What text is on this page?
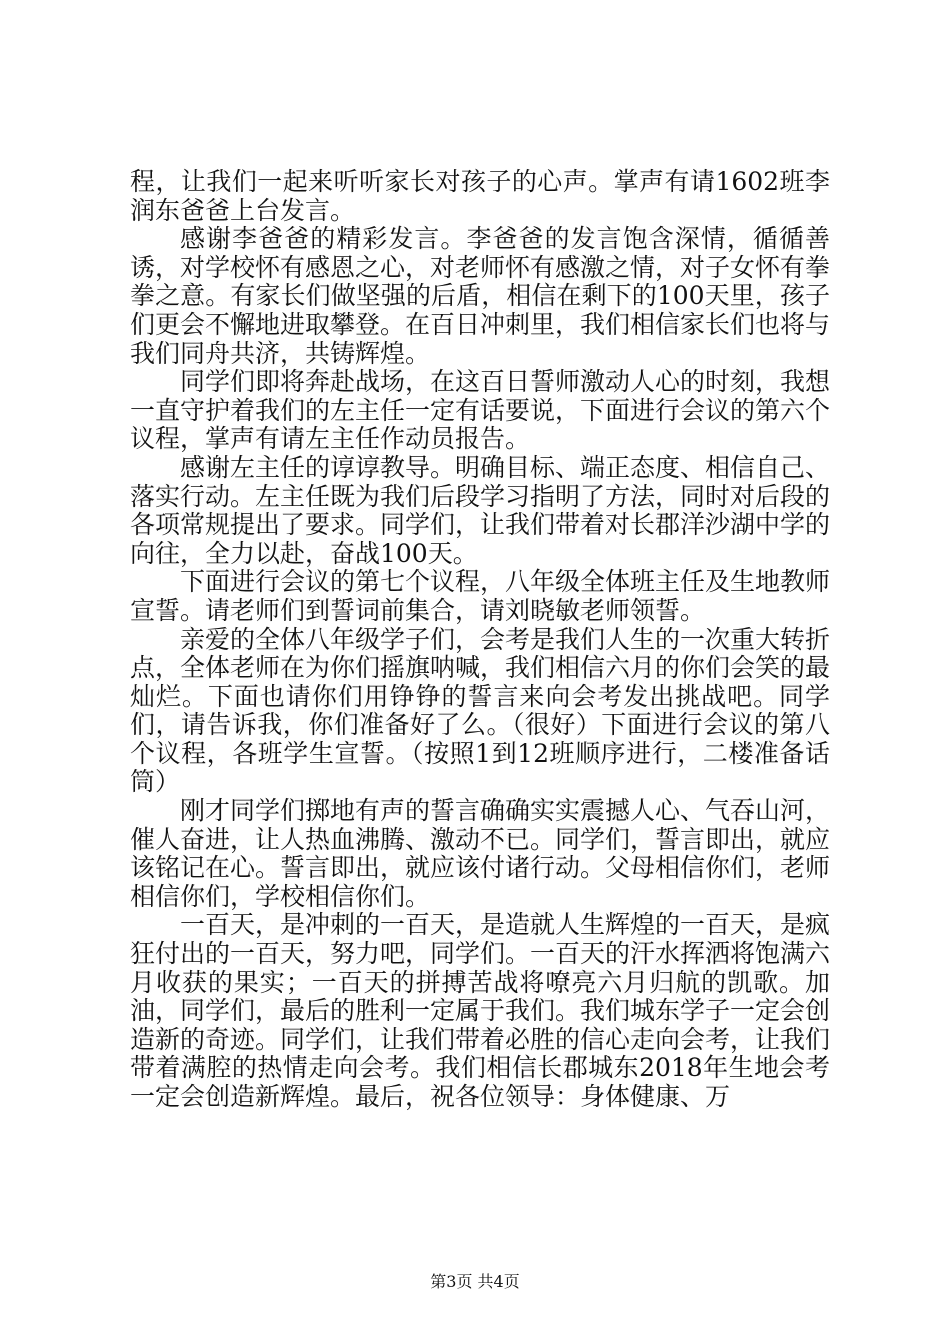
程，让我们一起来听听家长对孩子的心声。掌声有请1602班李润东爸爸上台发言。

感谢李爸爸的精彩发言。李爸爸的发言饱含深情，循循善诱，对学校怀有感恩之心，对老师怀有感激之情，对子女怀有拳拳之意。有家长们做坚强的后盾，相信在剩下的100天里，孩子们更会不懈地进取攀登。在百日冲刺里，我们相信家长们也将与我们同舟共济，共铸辉煌。

同学们即将奔赴战场，在这百日誓师激动人心的时刻，我想一直守护着我们的左主任一定有话要说，下面进行会议的第六个议程，掌声有请左主任作动员报告。

感谢左主任的谆谆教导。明确目标、端正态度、相信自己、落实行动。左主任既为我们后段学习指明了方法，同时对后段的各项常规提出了要求。同学们，让我们带着对长郡洋沙湖中学的向往，全力以赴，奋战100天。

下面进行会议的第七个议程，八年级全体班主任及生地教师宣誓。请老师们到誓词前集合，请刘晓敏老师领誓。

亲爱的全体八年级学子们，会考是我们人生的一次重大转折点，全体老师在为你们摇旗呐喊，我们相信六月的你们会笑的最灿烂。下面也请你们用铮铮的誓言来向会考发出挑战吧。同学们，请告诉我，你们准备好了么。（很好）下面进行会议的第八个议程，各班学生宣誓。（按照1到12班顺序进行，二楼准备话筒）

刚才同学们掷地有声的誓言确确实实震撼人心、气吞山河，催人奋进，让人热血沸腾、激动不已。同学们，誓言即出，就应该铭记在心。誓言即出，就应该付诸行动。父母相信你们，老师相信你们，学校相信你们。

一百天，是冲刺的一百天，是造就人生辉煌的一百天，是疯狂付出的一百天，努力吧，同学们。一百天的汗水挥洒将饱满六月收获的果实；一百天的拼搏苦战将嘹亮六月归航的凯歌。加油，同学们，最后的胜利一定属于我们。我们城东学子一定会创造新的奇迹。同学们，让我们带着必胜的信心走向会考，让我们带着满腔的热情走向会考。我们相信长郡城东2018年生地会考一定会创造新辉煌。最后，祝各位领导：身体健康、万

第3页 共4页
